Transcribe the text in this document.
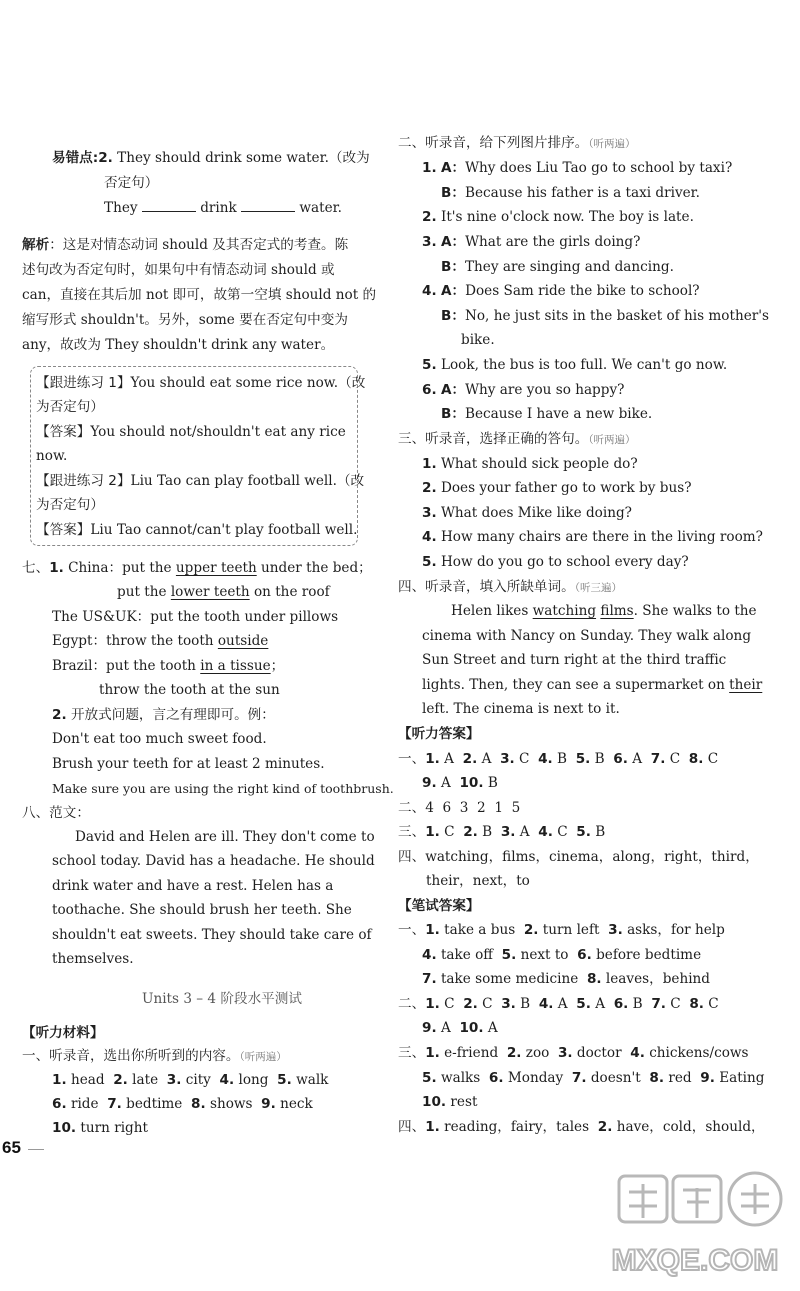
易错点:2. They should drink some water.（改为
否定句）
They	drink	water.
解析：这是对情态动词 should 及其否定式的考查。陈
述句改为否定句时，如果句中有情态动词 should 或
can，直接在其后加 not 即可，故第一空填 should not 的
缩写形式 shouldn't。另外，some 要在否定句中变为
any，故改为 They shouldn't drink any water。
【跟进练习 1】You should eat some rice now.（改
为否定句）
【答案】You should not/shouldn't eat any rice
now.
【跟进练习 2】Liu Tao can play football well.（改
为否定句）
【答案】Liu Tao cannot/can't play football well.
七、1. China：put the upper teeth under the bed；
put the lower teeth on the roof
The US&UK：put the tooth under pillows
Egypt：throw the tooth outside
Brazil：put the tooth in a tissue；
throw the tooth at the sun
2. 开放式问题，言之有理即可。例：
Don't eat too much sweet food.
Brush your teeth for at least 2 minutes.
Make sure you are using the right kind of toothbrush.
八、范文：
David and Helen are ill. They don't come to
school today. David has a headache. He should
drink water and have a rest. Helen has a
toothache. She should brush her teeth. She
shouldn't eat sweets. They should take care of
themselves.
Units 3 – 4 阶段水平测试
【听力材料】
一、听录音，选出你所听到的内容。（听两遍）
1. head 2. late 3. city 4. long 5. walk
6. ride 7. bedtime 8. shows 9. neck
10. turn right
65
二、听录音，给下列图片排序。（听两遍）
1. A：Why does Liu Tao go to school by taxi?
B：Because his father is a taxi driver.
2. It's nine o'clock now. The boy is late.
3. A：What are the girls doing?
B：They are singing and dancing.
4. A：Does Sam ride the bike to school?
B：No, he just sits in the basket of his mother's
bike.
5. Look, the bus is too full. We can't go now.
6. A：Why are you so happy?
B：Because I have a new bike.
三、听录音，选择正确的答句。（听两遍）
1. What should sick people do?
2. Does your father go to work by bus?
3. What does Mike like doing?
4. How many chairs are there in the living room?
5. How do you go to school every day?
四、听录音，填入所缺单词。（听三遍）
Helen likes watching films. She walks to the
cinema with Nancy on Sunday. They walk along
Sun Street and turn right at the third traffic
lights. Then, they can see a supermarket on their
left. The cinema is next to it.
【听力答案】
一、1. A 2. A 3. C 4. B 5. B 6. A 7. C 8. C
9. A 10. B
二、4  6  3  2  1  5
三、1. C 2. B 3. A 4. C 5. B
四、watching，films，cinema，along，right，third，
their，next，to
【笔试答案】
一、1. take a bus 2. turn left 3. asks，for help
4. take off 5. next to 6. before bedtime
7. take some medicine 8. leaves，behind
二、1. C 2. C 3. B 4. A 5. A 6. B 7. C 8. C
9. A 10. A
三、1. e-friend 2. zoo 3. doctor 4. chickens/cows
5. walks 6. Monday 7. doesn't 8. red 9. Eating
10. rest
四、1. reading，fairy，tales 2. have，cold，should，
MXQE.COM
